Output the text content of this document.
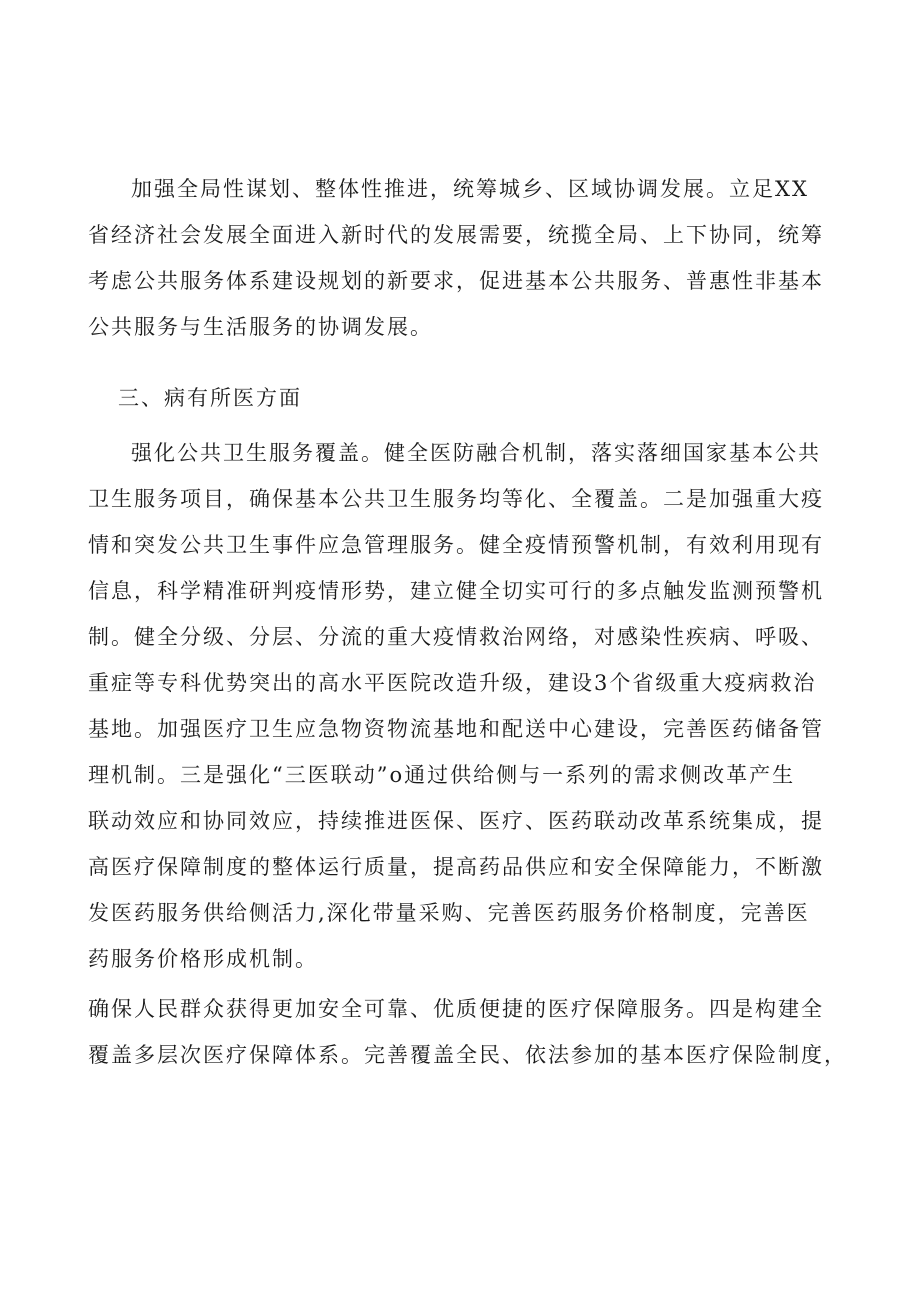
加强全局性谋划、整体性推进，统筹城乡、区域协调发展。立足XX
省经济社会发展全面进入新时代的发展需要，统揽全局、上下协同，统筹
考虑公共服务体系建设规划的新要求，促进基本公共服务、普惠性非基本
公共服务与生活服务的协调发展。
三、病有所医方面
强化公共卫生服务覆盖。健全医防融合机制，落实落细国家基本公共
卫生服务项目，确保基本公共卫生服务均等化、全覆盖。二是加强重大疫
情和突发公共卫生事件应急管理服务。健全疫情预警机制，有效利用现有
信息，科学精准研判疫情形势，建立健全切实可行的多点触发监测预警机
制。健全分级、分层、分流的重大疫情救治网络，对感染性疾病、呼吸、
重症等专科优势突出的高水平医院改造升级，建设3个省级重大疫病救治
基地。加强医疗卫生应急物资物流基地和配送中心建设，完善医药储备管
理机制。三是强化“三医联动”o通过供给侧与一系列的需求侧改革产生
联动效应和协同效应，持续推进医保、医疗、医药联动改革系统集成，提
高医疗保障制度的整体运行质量，提高药品供应和安全保障能力，不断激
发医药服务供给侧活力,深化带量采购、完善医药服务价格制度，完善医
药服务价格形成机制。
确保人民群众获得更加安全可靠、优质便捷的医疗保障服务。四是构建全
覆盖多层次医疗保障体系。完善覆盖全民、依法参加的基本医疗保险制度，
